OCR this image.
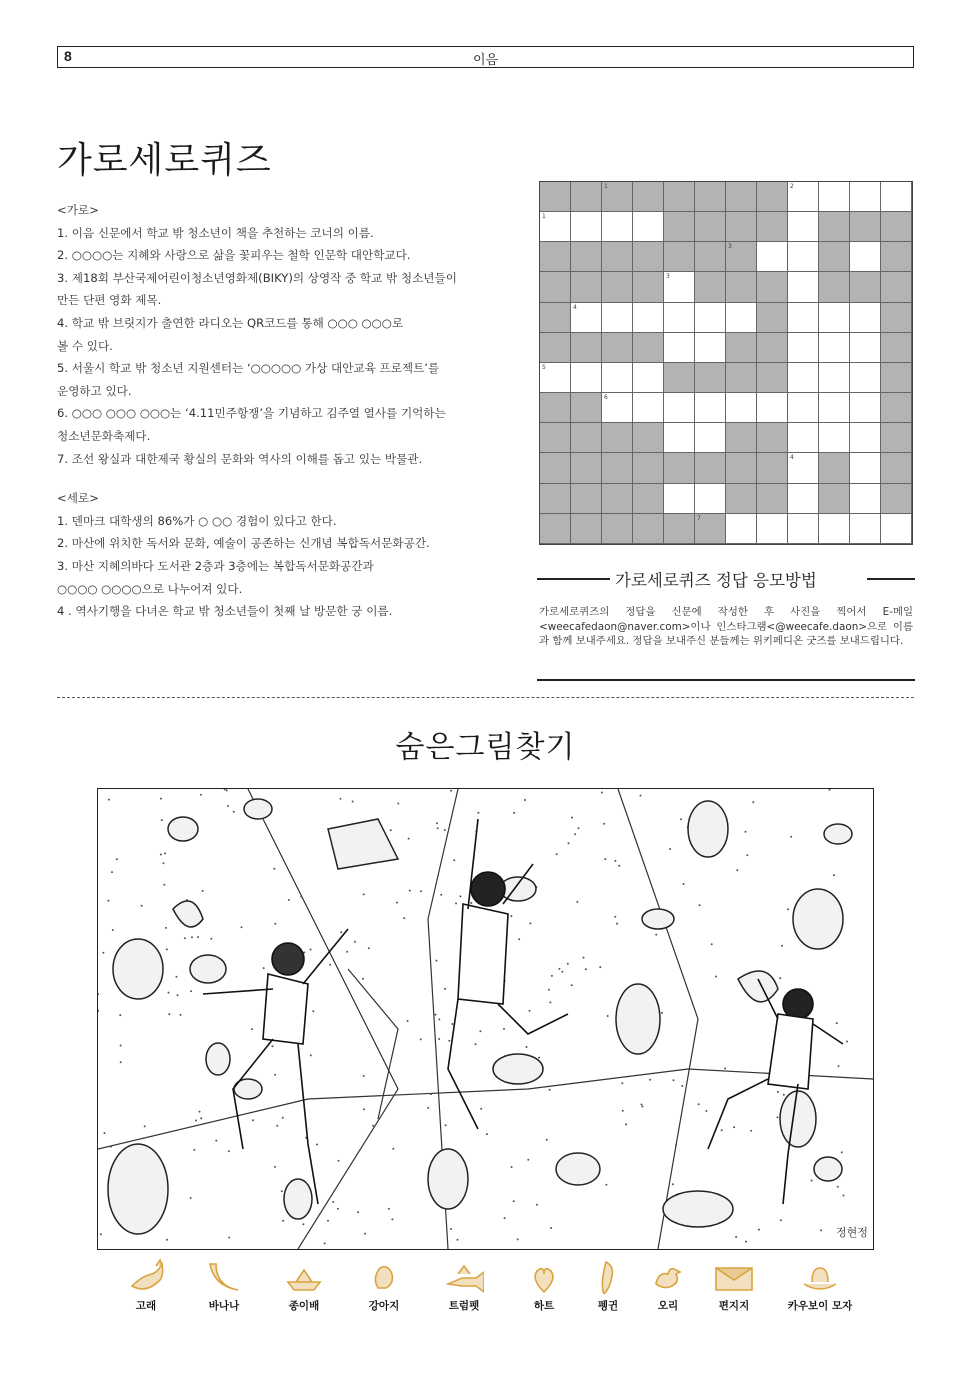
8	이음
가로세로퀴즈

<가로>

1. 이음 신문에서 학교 밖 청소년이 책을 추천하는 코너의 이름.

2. ○○○○는 지혜와 사랑으로 삶을 꽃피우는 철학 인문학 대안학교다.

3. 제18회 부산국제어린이청소년영화제(BIKY)의 상영작 중 학교 밖 청소년들이

만든 단편 영화 제목.

4. 학교 밖 브릿지가 출연한 라디오는 QR코드를 통해 ○○○ ○○○로

볼 수 있다.

5. 서울시 학교 밖 청소년 지원센터는 ‘○○○○○ 가상 대안교육 프로젝트’를

운영하고 있다.

6. ○○○ ○○○ ○○○는 ‘4.11민주항쟁’을 기념하고 김주열 열사를 기억하는

청소년문화축제다.

7. 조선 왕실과 대한제국 황실의 문화와 역사의 이해를 돕고 있는 박물관.

<세로>

1. 덴마크 대학생의 86%가 ○ ○○ 경험이 있다고 한다.

2. 마산에 위치한 독서와 문화, 예술이 공존하는 신개념 복합독서문화공간.

3. 마산 지혜의바다 도서관 2층과 3층에는 복합독서문화공간과

○○○○ ○○○○으로 나누어져 있다.

4 . 역사기행을 다녀온 학교 밖 청소년들이 첫째 날 방문한 궁 이름.

1	2
1
3
3
4
5
6
4
7
가로세로퀴즈 정답 응모방법
가로세로퀴즈의 정답을 신문에 작성한 후 사진을 찍어서 E-메일 <weecafedaon@naver.com>이나 인스타그램<@weecafe.daon>으로 이름과 함께 보내주세요. 정답을 보내주신 분들께는 위키페디온 굿즈를 보내드립니다.
숨은그림찾기
정현정
고래	바나나	종이배	강아지	트럼펫	하트	펭귄	오리	편지지	카우보이 모자
